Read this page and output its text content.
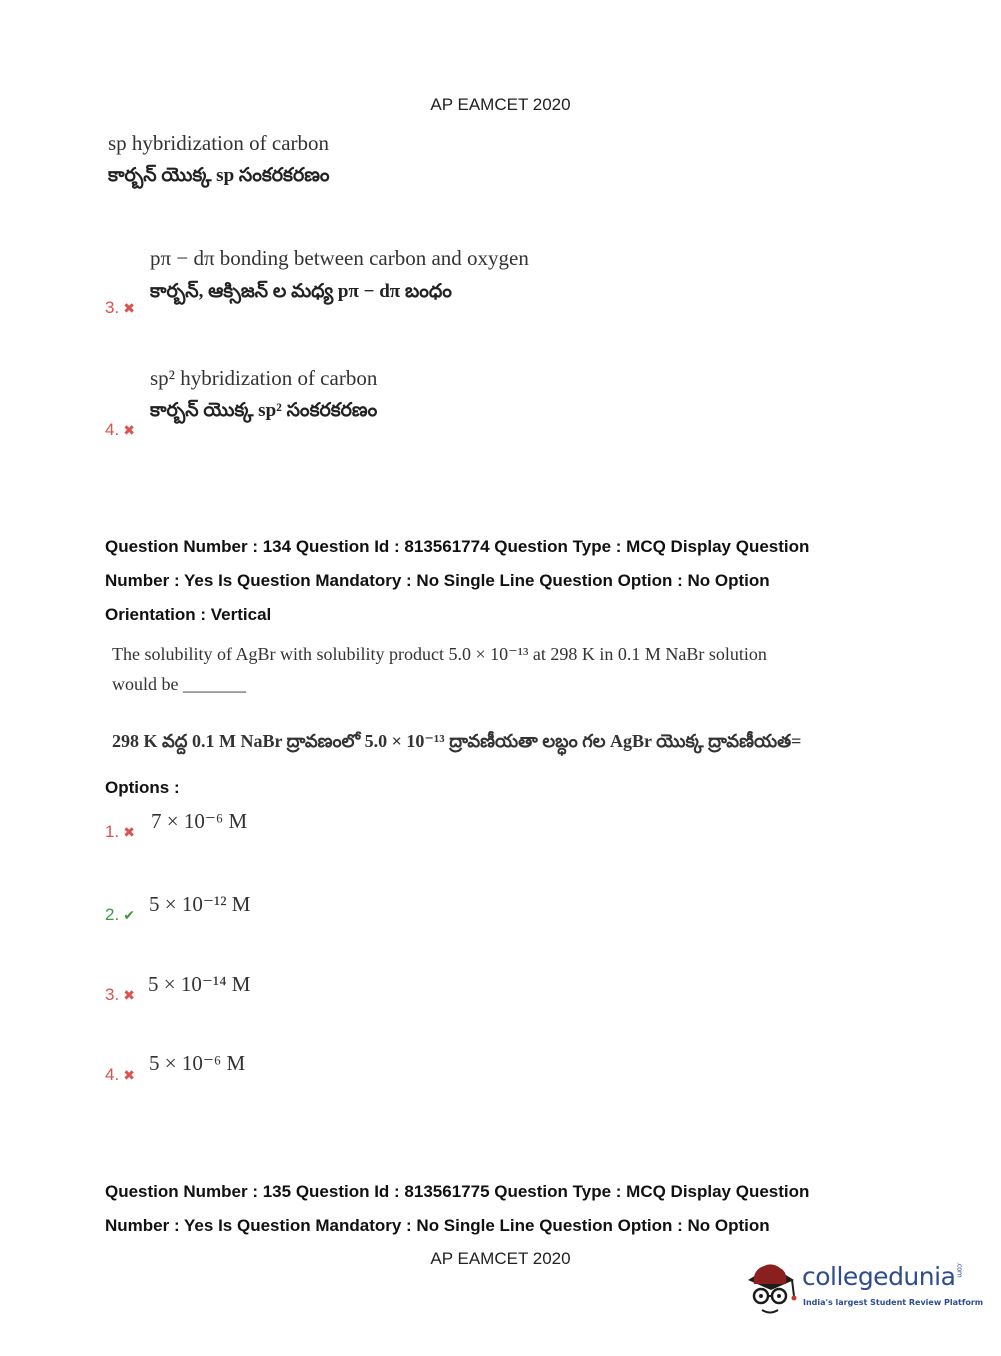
AP EAMCET 2020
sp hybridization of carbon
కార్బన్ యొక్క sp సంకరకరణం
pπ − dπ bonding between carbon and oxygen
కార్బన్, ఆక్సిజన్ ల మధ్య pπ − dπ బంధం
3. ✖
sp² hybridization of carbon
కార్బన్ యొక్క sp² సంకరకరణం
4. ✖
Question Number : 134 Question Id : 813561774 Question Type : MCQ Display Question
Number : Yes Is Question Mandatory : No Single Line Question Option : No Option
Orientation : Vertical
The solubility of AgBr with solubility product 5.0 × 10⁻¹³ at 298 K in 0.1 M NaBr solution
would be _______
298 K వద్ద 0.1 M NaBr ద్రావణంలో 5.0 × 10⁻¹³ ద్రావణీయతా లబ్ధం గల AgBr యొక్క ద్రావణీయత=
Options :
1. ✖ 7 × 10⁻⁶ M
2. ✔ 5 × 10⁻¹² M
3. ✖ 5 × 10⁻¹⁴ M
4. ✖ 5 × 10⁻⁶ M
Question Number : 135 Question Id : 813561775 Question Type : MCQ Display Question
Number : Yes Is Question Mandatory : No Single Line Question Option : No Option
AP EAMCET 2020
collegedunia.com
India's largest Student Review Platform
